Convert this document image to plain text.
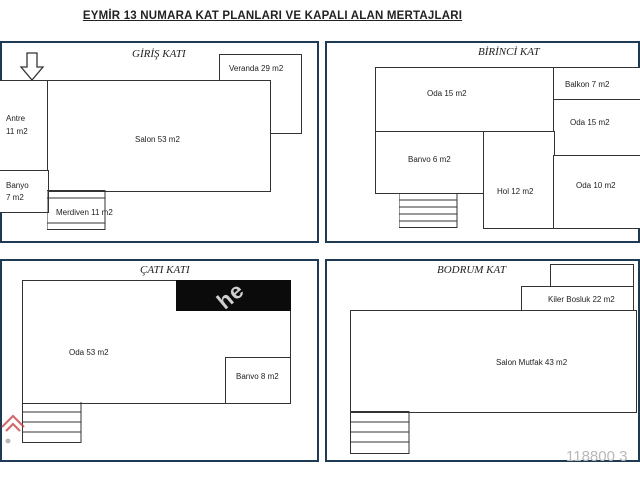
EYMİR 13 NUMARA KAT PLANLARI VE KAPALI ALAN MERTAJLARI
GİRİŞ KATI
Veranda 29 m2
Antre
11 m2
Salon 53 m2
Banyo
7 m2
Merdiven 11 m2
BİRİNCİ KAT
Oda 15 m2
Balkon 7 m2
Oda 15 m2
Banvo 6 m2
Hol 12 m2
Oda 10 m2
ÇATI KATI
Oda 53 m2
Banvo 8 m2
he
BODRUM KAT
Kiler Bosluk 22 m2
Salon Mutfak 43 m2
118800 3
